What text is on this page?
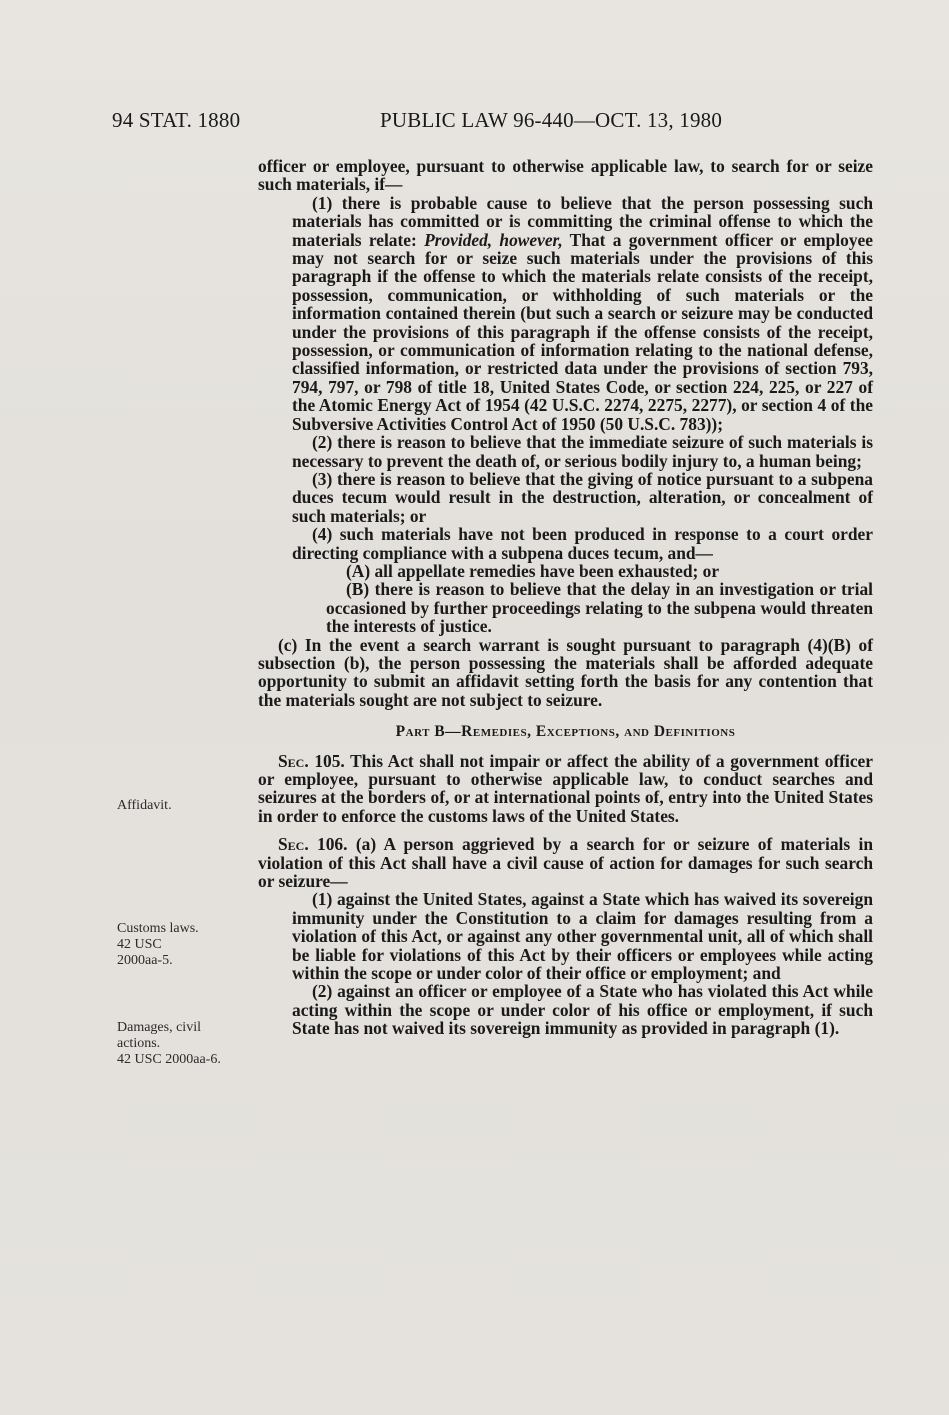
94 STAT. 1880	PUBLIC LAW 96-440—OCT. 13, 1980
Affidavit.
Customs laws.
42 USC
2000aa-5.
Damages, civil
actions.
42 USC 2000aa-6.

officer or employee, pursuant to otherwise applicable law, to search for or seize such materials, if—

(1) there is probable cause to believe that the person possessing such materials has committed or is committing the criminal offense to which the materials relate: Provided, however, That a government officer or employee may not search for or seize such materials under the provisions of this paragraph if the offense to which the materials relate consists of the receipt, possession, communication, or withholding of such materials or the information contained therein (but such a search or seizure may be conducted under the provisions of this paragraph if the offense consists of the receipt, possession, or communication of information relating to the national defense, classified information, or restricted data under the provisions of section 793, 794, 797, or 798 of title 18, United States Code, or section 224, 225, or 227 of the Atomic Energy Act of 1954 (42 U.S.C. 2274, 2275, 2277), or section 4 of the Subversive Activities Control Act of 1950 (50 U.S.C. 783));

(2) there is reason to believe that the immediate seizure of such materials is necessary to prevent the death of, or serious bodily injury to, a human being;

(3) there is reason to believe that the giving of notice pursuant to a subpena duces tecum would result in the destruction, alteration, or concealment of such materials; or

(4) such materials have not been produced in response to a court order directing compliance with a subpena duces tecum, and—

(A) all appellate remedies have been exhausted; or

(B) there is reason to believe that the delay in an investigation or trial occasioned by further proceedings relating to the subpena would threaten the interests of justice.

(c) In the event a search warrant is sought pursuant to paragraph (4)(B) of subsection (b), the person possessing the materials shall be afforded adequate opportunity to submit an affidavit setting forth the basis for any contention that the materials sought are not subject to seizure.

Part B—Remedies, Exceptions, and Definitions

Sec. 105. This Act shall not impair or affect the ability of a government officer or employee, pursuant to otherwise applicable law, to conduct searches and seizures at the borders of, or at international points of, entry into the United States in order to enforce the customs laws of the United States.

Sec. 106. (a) A person aggrieved by a search for or seizure of materials in violation of this Act shall have a civil cause of action for damages for such search or seizure—

(1) against the United States, against a State which has waived its sovereign immunity under the Constitution to a claim for damages resulting from a violation of this Act, or against any other governmental unit, all of which shall be liable for violations of this Act by their officers or employees while acting within the scope or under color of their office or employment; and

(2) against an officer or employee of a State who has violated this Act while acting within the scope or under color of his office or employment, if such State has not waived its sovereign immunity as provided in paragraph (1).
